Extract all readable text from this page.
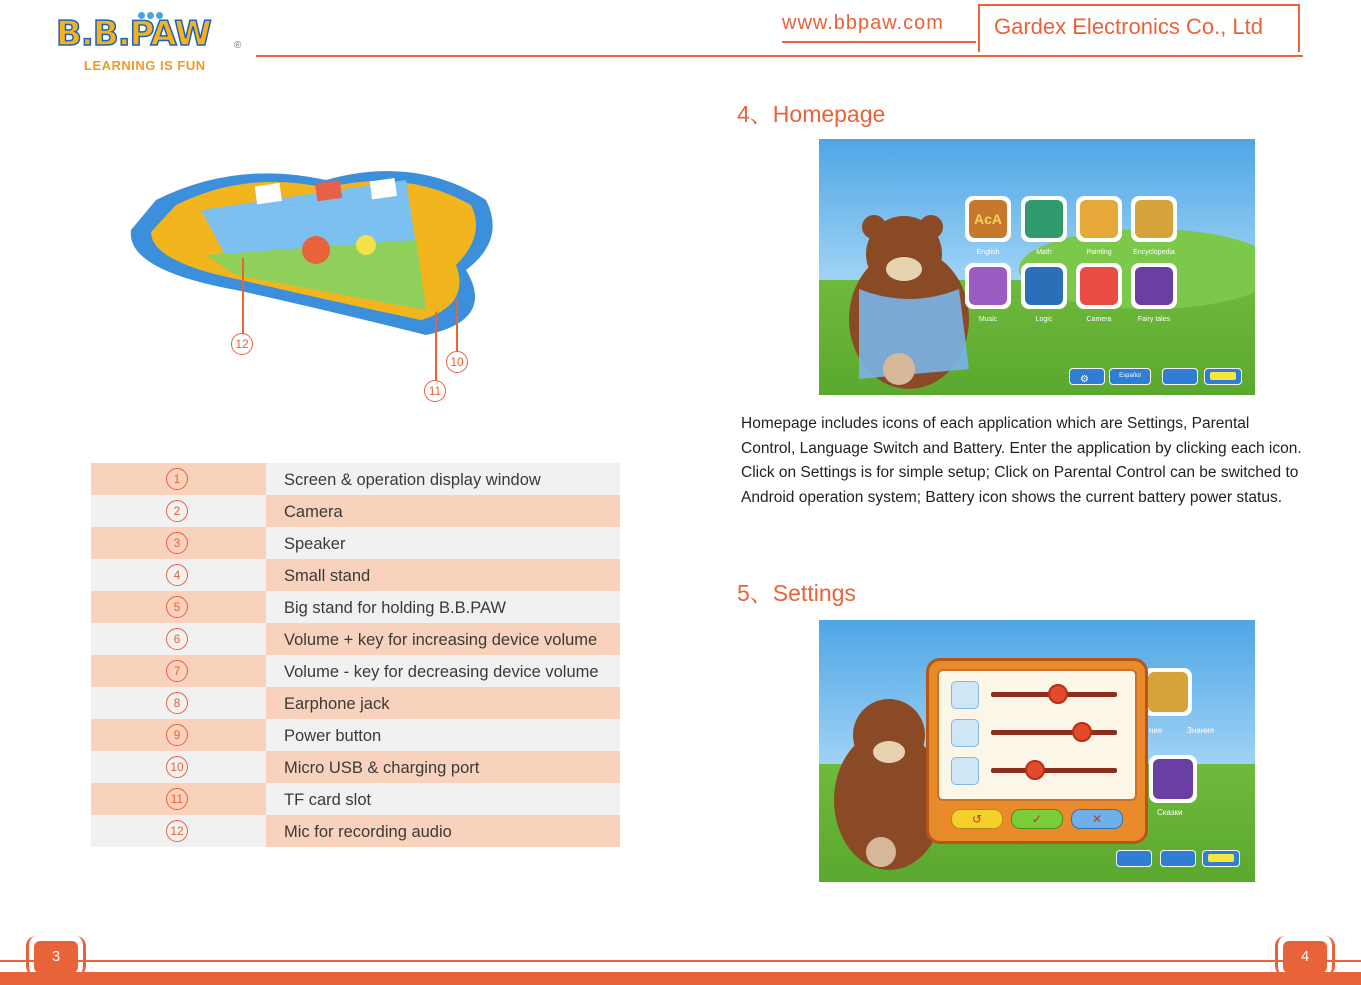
B.B.PAW ®
LEARNING IS FUN
www.bbpaw.com	Gardex Electronics Co., Ltd
12
10
11
1	Screen & operation display window
2	Camera
3	Speaker
4	Small stand
5	Big stand for holding B.B.PAW
6	Volume + key for increasing device volume
7	Volume - key for decreasing device volume
8	Earphone jack
9	Power button
10	Micro USB & charging port
11	TF card slot
12	Mic for recording audio
4、Homepage
AcA
English	Math	Painting	Encyclopedia
Music	Logic	Camera	Fairy tales
⚙	Español
Homepage includes icons of each application which are Settings, Parental Control, Language Switch and Battery. Enter the application by clicking each icon. Click on Settings is for simple setup; Click on Parental Control can be switched to Android operation system; Battery icon shows the current battery power status.
5、Settings
ние	Знания
Сказки
↺	✓	✕
3	4
